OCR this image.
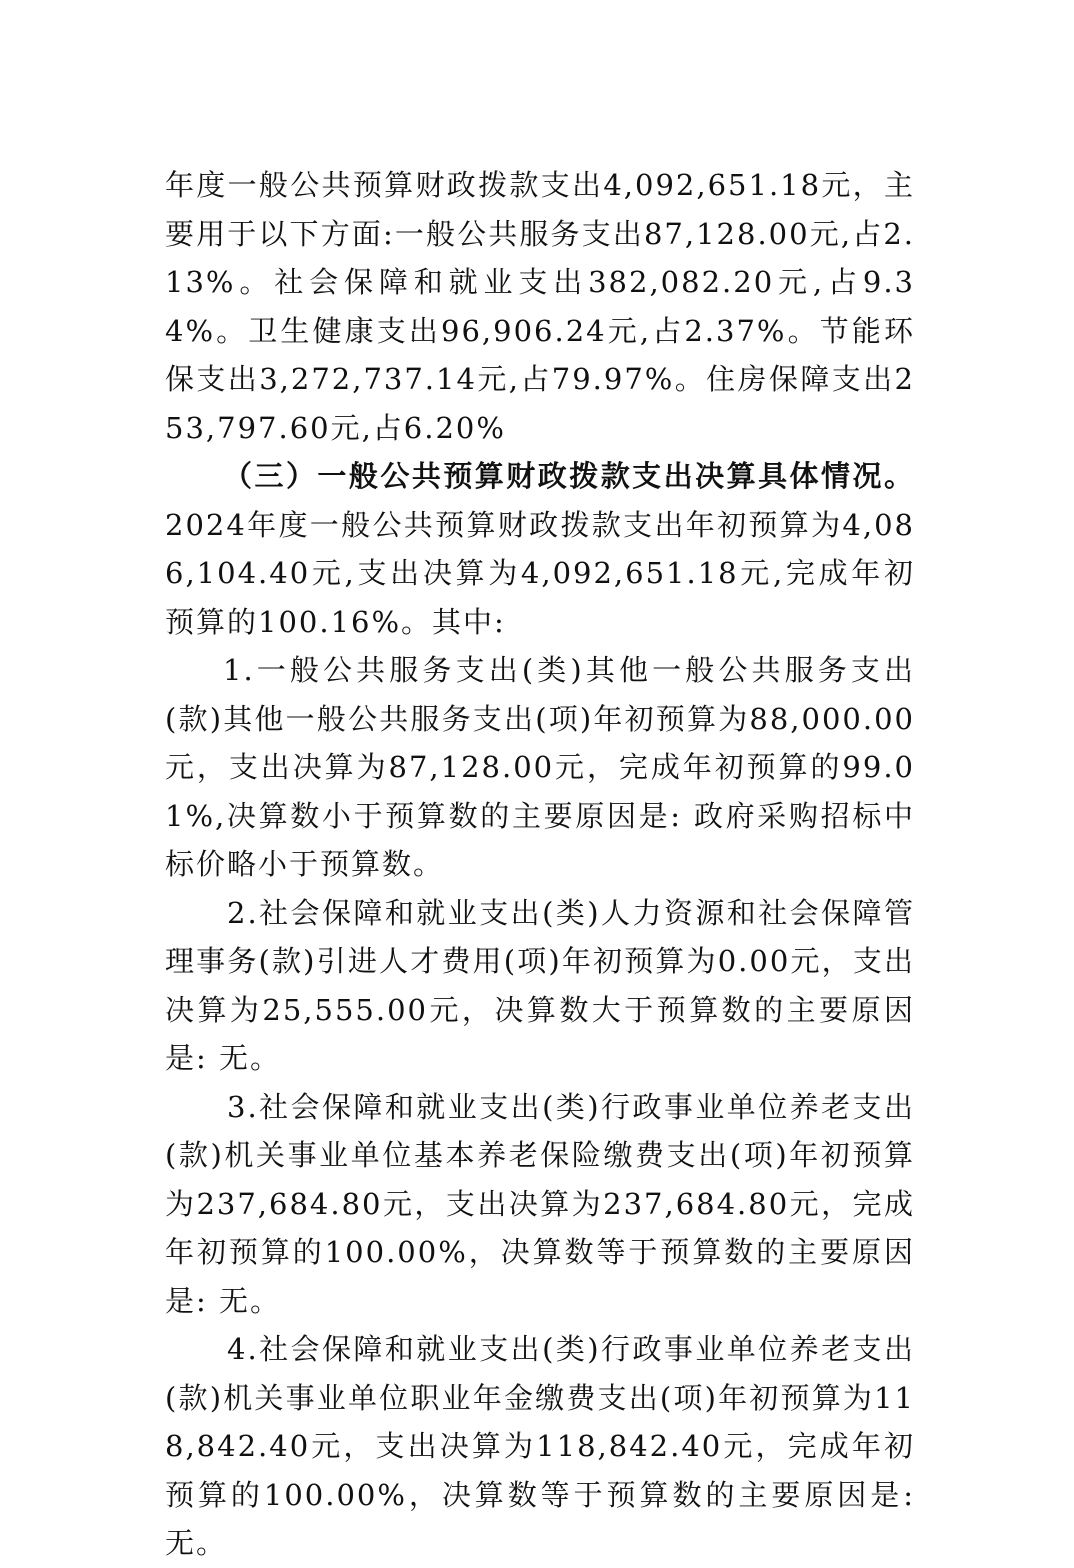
年度一般公共预算财政拨款支出4,092,651.18元，主要用于以下方面:一般公共服务支出87,128.00元,占2.13%。社会保障和就业支出382,082.20元,占9.34%。卫生健康支出96,906.24元,占2.37%。节能环保支出3,272,737.14元,占79.97%。住房保障支出253,797.60元,占6.20%

（三）一般公共预算财政拨款支出决算具体情况。2024年度一般公共预算财政拨款支出年初预算为4,086,104.40元,支出决算为4,092,651.18元,完成年初预算的100.16%。其中:

1.一般公共服务支出(类)其他一般公共服务支出(款)其他一般公共服务支出(项)年初预算为88,000.00元，支出决算为87,128.00元，完成年初预算的99.01%,决算数小于预算数的主要原因是: 政府采购招标中标价略小于预算数。

2.社会保障和就业支出(类)人力资源和社会保障管理事务(款)引进人才费用(项)年初预算为0.00元，支出决算为25,555.00元，决算数大于预算数的主要原因是: 无。

3.社会保障和就业支出(类)行政事业单位养老支出(款)机关事业单位基本养老保险缴费支出(项)年初预算为237,684.80元，支出决算为237,684.80元，完成年初预算的100.00%，决算数等于预算数的主要原因是: 无。

4.社会保障和就业支出(类)行政事业单位养老支出(款)机关事业单位职业年金缴费支出(项)年初预算为118,842.40元，支出决算为118,842.40元，完成年初预算的100.00%，决算数等于预算数的主要原因是: 无。
